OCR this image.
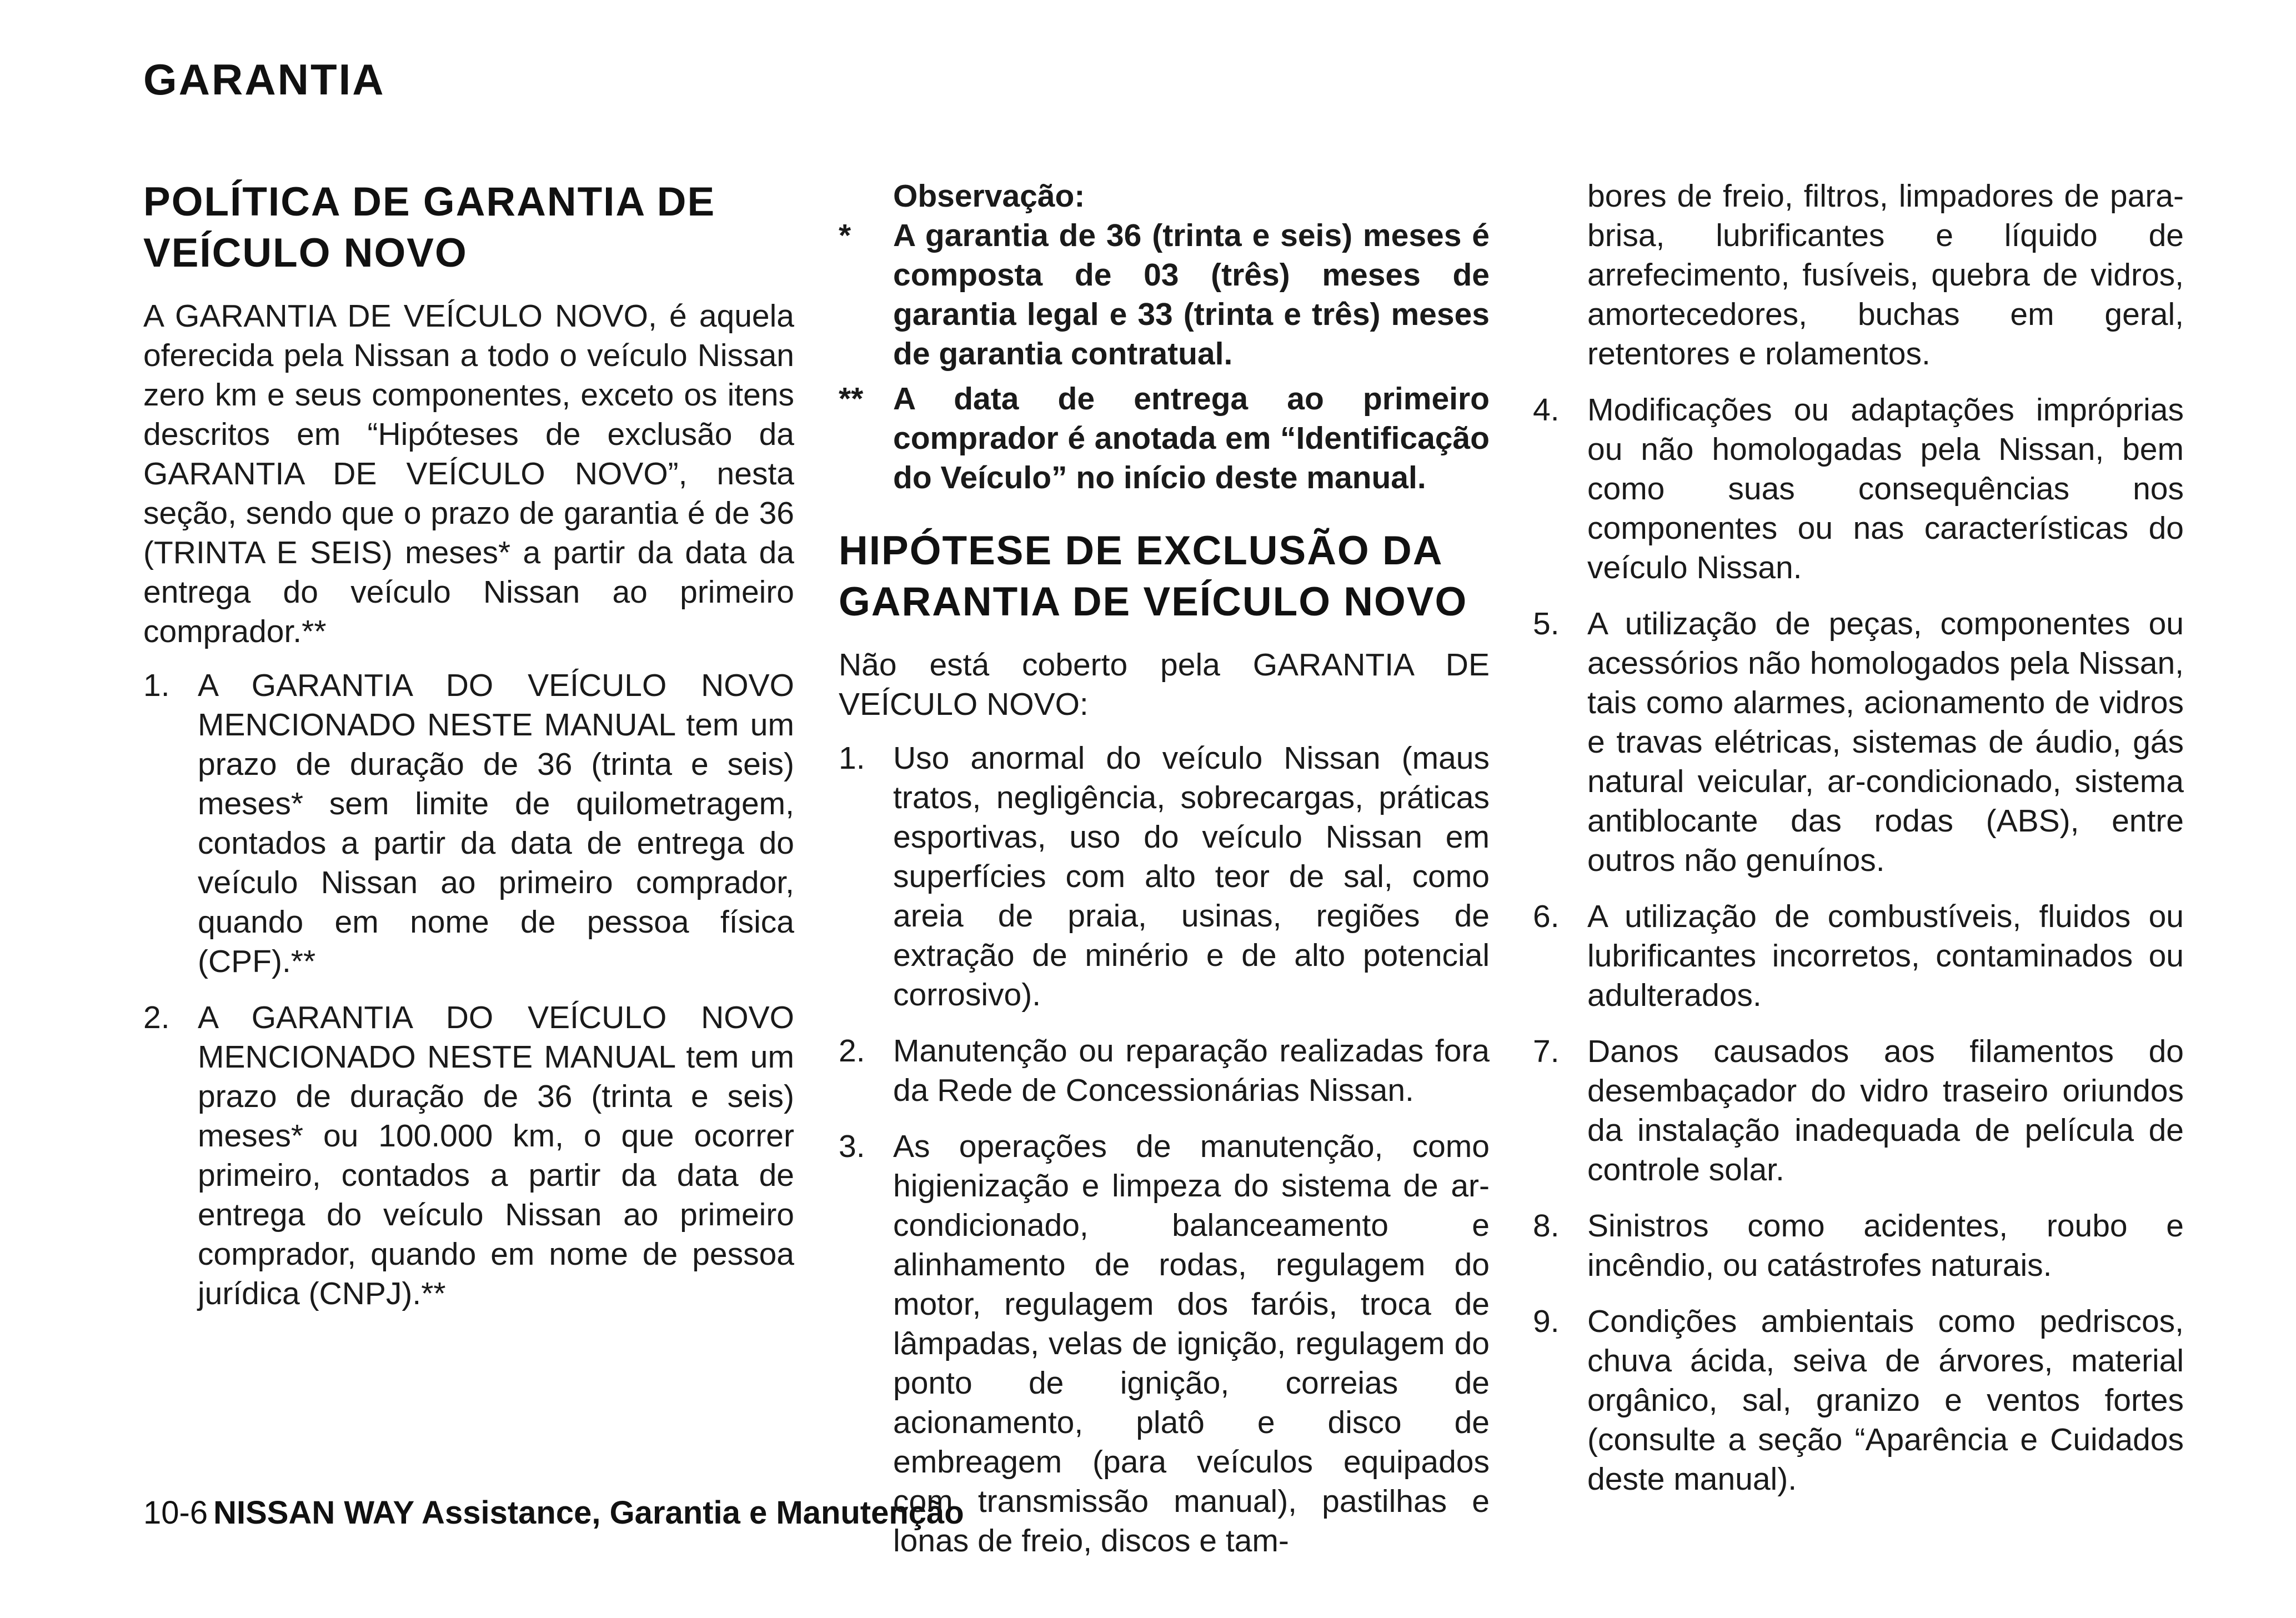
GARANTIA
POLÍTICA DE GARANTIA DE VEÍCULO NOVO

A GARANTIA DE VEÍCULO NOVO, é aquela oferecida pela Nissan a todo o veículo Nissan zero km e seus componentes, exceto os itens descritos em “Hipóteses de exclusão da GARANTIA DE VEÍCULO NOVO”, nesta seção, sendo que o prazo de garantia é de 36 (TRINTA E SEIS) meses* a partir da data da entrega do veículo Nissan ao primeiro comprador.**

1. A GARANTIA DO VEÍCULO NOVO MENCIONADO NESTE MANUAL tem um prazo de duração de 36 (trinta e seis) meses* sem limite de quilometragem, contados a partir da data de entrega do veículo Nissan ao primeiro comprador, quando em nome de pessoa física (CPF).**
2. A GARANTIA DO VEÍCULO NOVO MENCIONADO NESTE MANUAL tem um prazo de duração de 36 (trinta e seis) meses* ou 100.000 km, o que ocorrer primeiro, contados a partir da data de entrega do veículo Nissan ao primeiro comprador, quando em nome de pessoa jurídica (CNPJ).**
Observação:
* A garantia de 36 (trinta e seis) meses é composta de 03 (três) meses de garantia legal e 33 (trinta e três) meses de garantia contratual.
** A data de entrega ao primeiro comprador é anotada em “Identificação do Veículo” no início deste manual.
HIPÓTESE DE EXCLUSÃO DA GARANTIA DE VEÍCULO NOVO

Não está coberto pela GARANTIA DE VEÍCULO NOVO:

1. Uso anormal do veículo Nissan (maus tratos, negligência, sobrecargas, práticas esportivas, uso do veículo Nissan em superfícies com alto teor de sal, como areia de praia, usinas, regiões de extração de minério e de alto potencial corrosivo).
2. Manutenção ou reparação realizadas fora da Rede de Concessionárias Nissan.
3. As operações de manutenção, como higienização e limpeza do sistema de ar-condicionado, balanceamento e alinhamento de rodas, regulagem do motor, regulagem dos faróis, troca de lâmpadas, velas de ignição, regulagem do ponto de ignição, correias de acionamento, platô e disco de embreagem (para veículos equipados com transmissão manual), pastilhas e lonas de freio, discos e tam-
bores de freio, filtros, limpadores de para-brisa, lubrificantes e líquido de arrefecimento, fusíveis, quebra de vidros, amortecedores, buchas em geral, retentores e rolamentos.
4. Modificações ou adaptações impróprias ou não homologadas pela Nissan, bem como suas consequências nos componentes ou nas características do veículo Nissan.
5. A utilização de peças, componentes ou acessórios não homologados pela Nissan, tais como alarmes, acionamento de vidros e travas elétricas, sistemas de áudio, gás natural veicular, ar-condicionado, sistema antiblocante das rodas (ABS), entre outros não genuínos.
6. A utilização de combustíveis, fluidos ou lubrificantes incorretos, contaminados ou adulterados.
7. Danos causados aos filamentos do desembaçador do vidro traseiro oriundos da instalação inadequada de película de controle solar.
8. Sinistros como acidentes, roubo e incêndio, ou catástrofes naturais.
9. Condições ambientais como pedriscos, chuva ácida, seiva de árvores, material orgânico, sal, granizo e ventos fortes (consulte a seção “Aparência e Cuidados deste manual).
10-6 NISSAN WAY Assistance, Garantia e Manutenção
